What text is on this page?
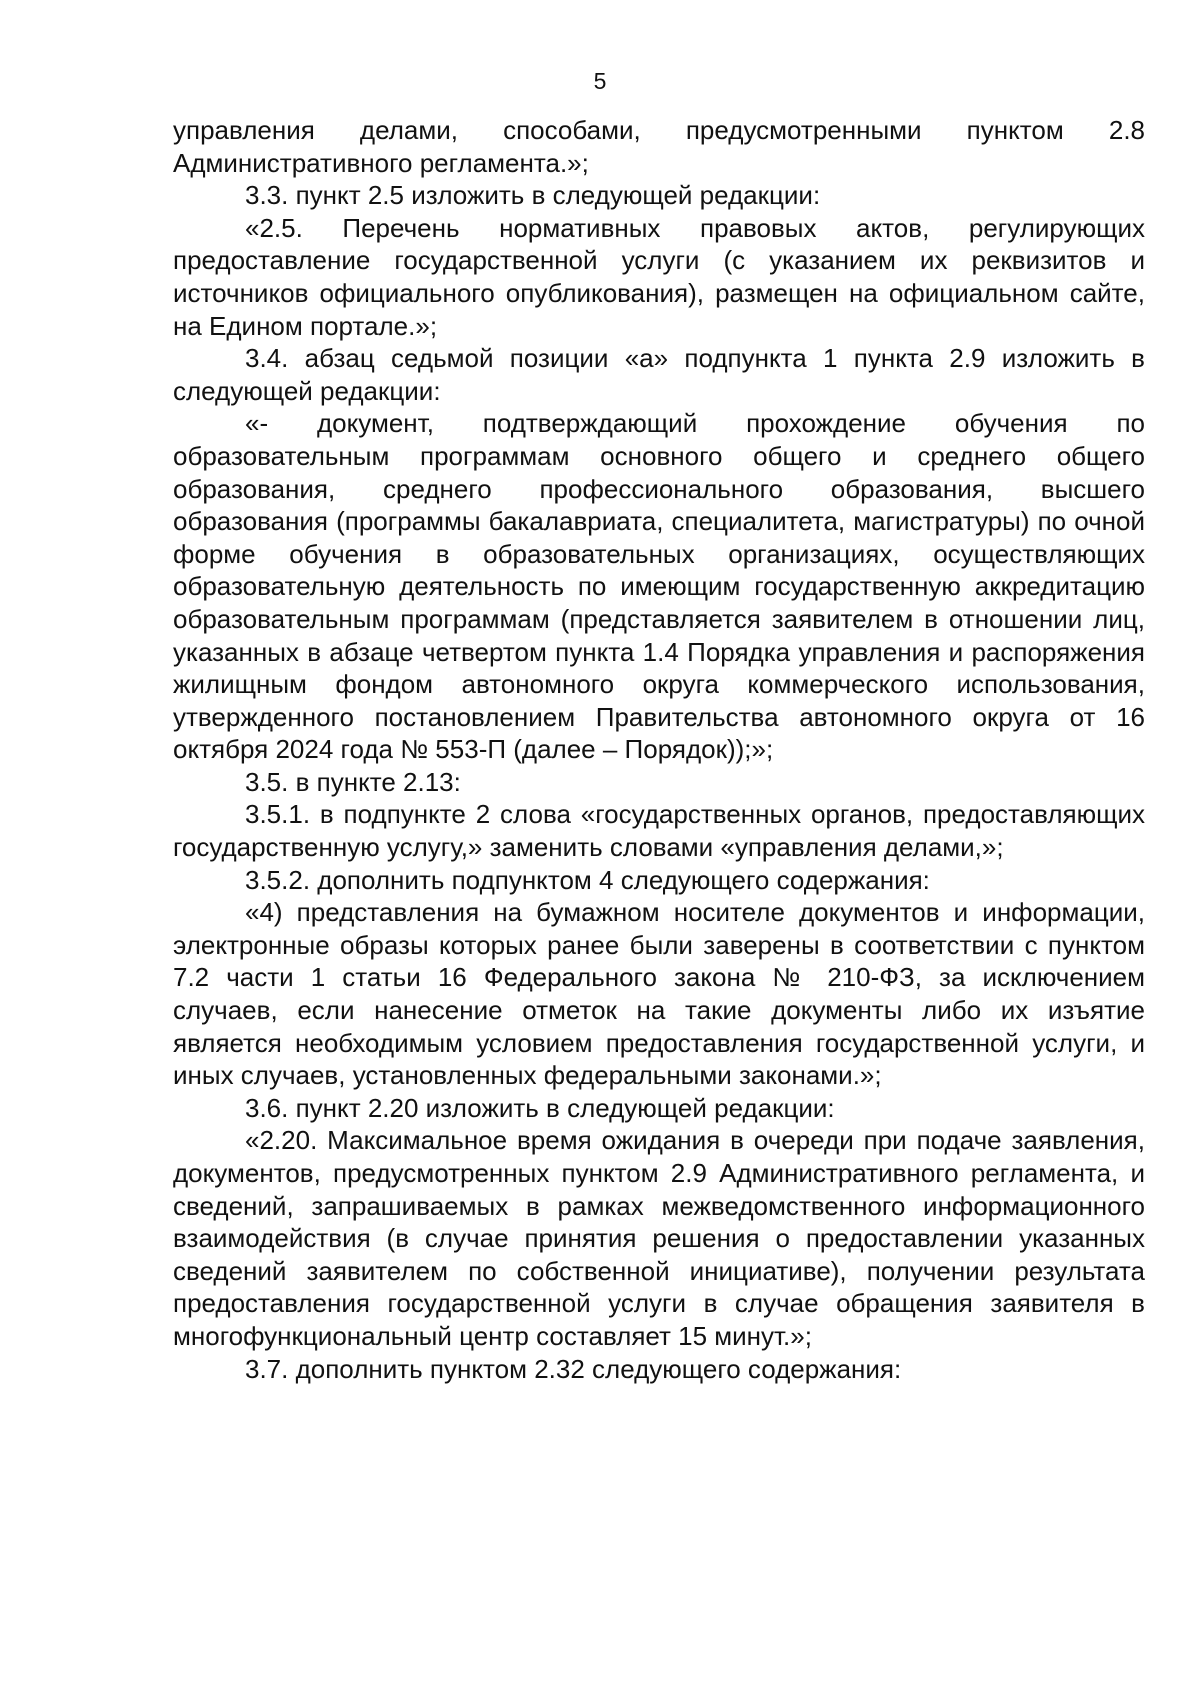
5

управления делами, способами, предусмотренными пунктом 2.8 Административного регламента.»;

3.3. пункт 2.5 изложить в следующей редакции:

«2.5. Перечень нормативных правовых актов, регулирующих предоставление государственной услуги (с указанием их реквизитов и источников официального опубликования), размещен на официальном сайте, на Едином портале.»;

3.4. абзац седьмой позиции «а» подпункта 1 пункта 2.9 изложить в следующей редакции:

«- документ, подтверждающий прохождение обучения по образовательным программам основного общего и среднего общего образования, среднего профессионального образования, высшего образования (программы бакалавриата, специалитета, магистратуры) по очной форме обучения в образовательных организациях, осуществляющих образовательную деятельность по имеющим государственную аккредитацию образовательным программам (представляется заявителем в отношении лиц, указанных в абзаце четвертом пункта 1.4 Порядка управления и распоряжения жилищным фондом автономного округа коммерческого использования, утвержденного постановлением Правительства автономного округа от 16 октября 2024 года № 553-П (далее – Порядок));»;

3.5. в пункте 2.13:

3.5.1. в подпункте 2 слова «государственных органов, предоставляющих государственную услугу,» заменить словами «управления делами,»;

3.5.2. дополнить подпунктом 4 следующего содержания:

«4) представления на бумажном носителе документов и информации, электронные образы которых ранее были заверены в соответствии с пунктом 7.2 части 1 статьи 16 Федерального закона № 210-ФЗ, за исключением случаев, если нанесение отметок на такие документы либо их изъятие является необходимым условием предоставления государственной услуги, и иных случаев, установленных федеральными законами.»;

3.6. пункт 2.20 изложить в следующей редакции:

«2.20. Максимальное время ожидания в очереди при подаче заявления, документов, предусмотренных пунктом 2.9 Административного регламента, и сведений, запрашиваемых в рамках межведомственного информационного взаимодействия (в случае принятия решения о предоставлении указанных сведений заявителем по собственной инициативе), получении результата предоставления государственной услуги в случае обращения заявителя в многофункциональный центр составляет 15 минут.»;

3.7. дополнить пунктом 2.32 следующего содержания:
